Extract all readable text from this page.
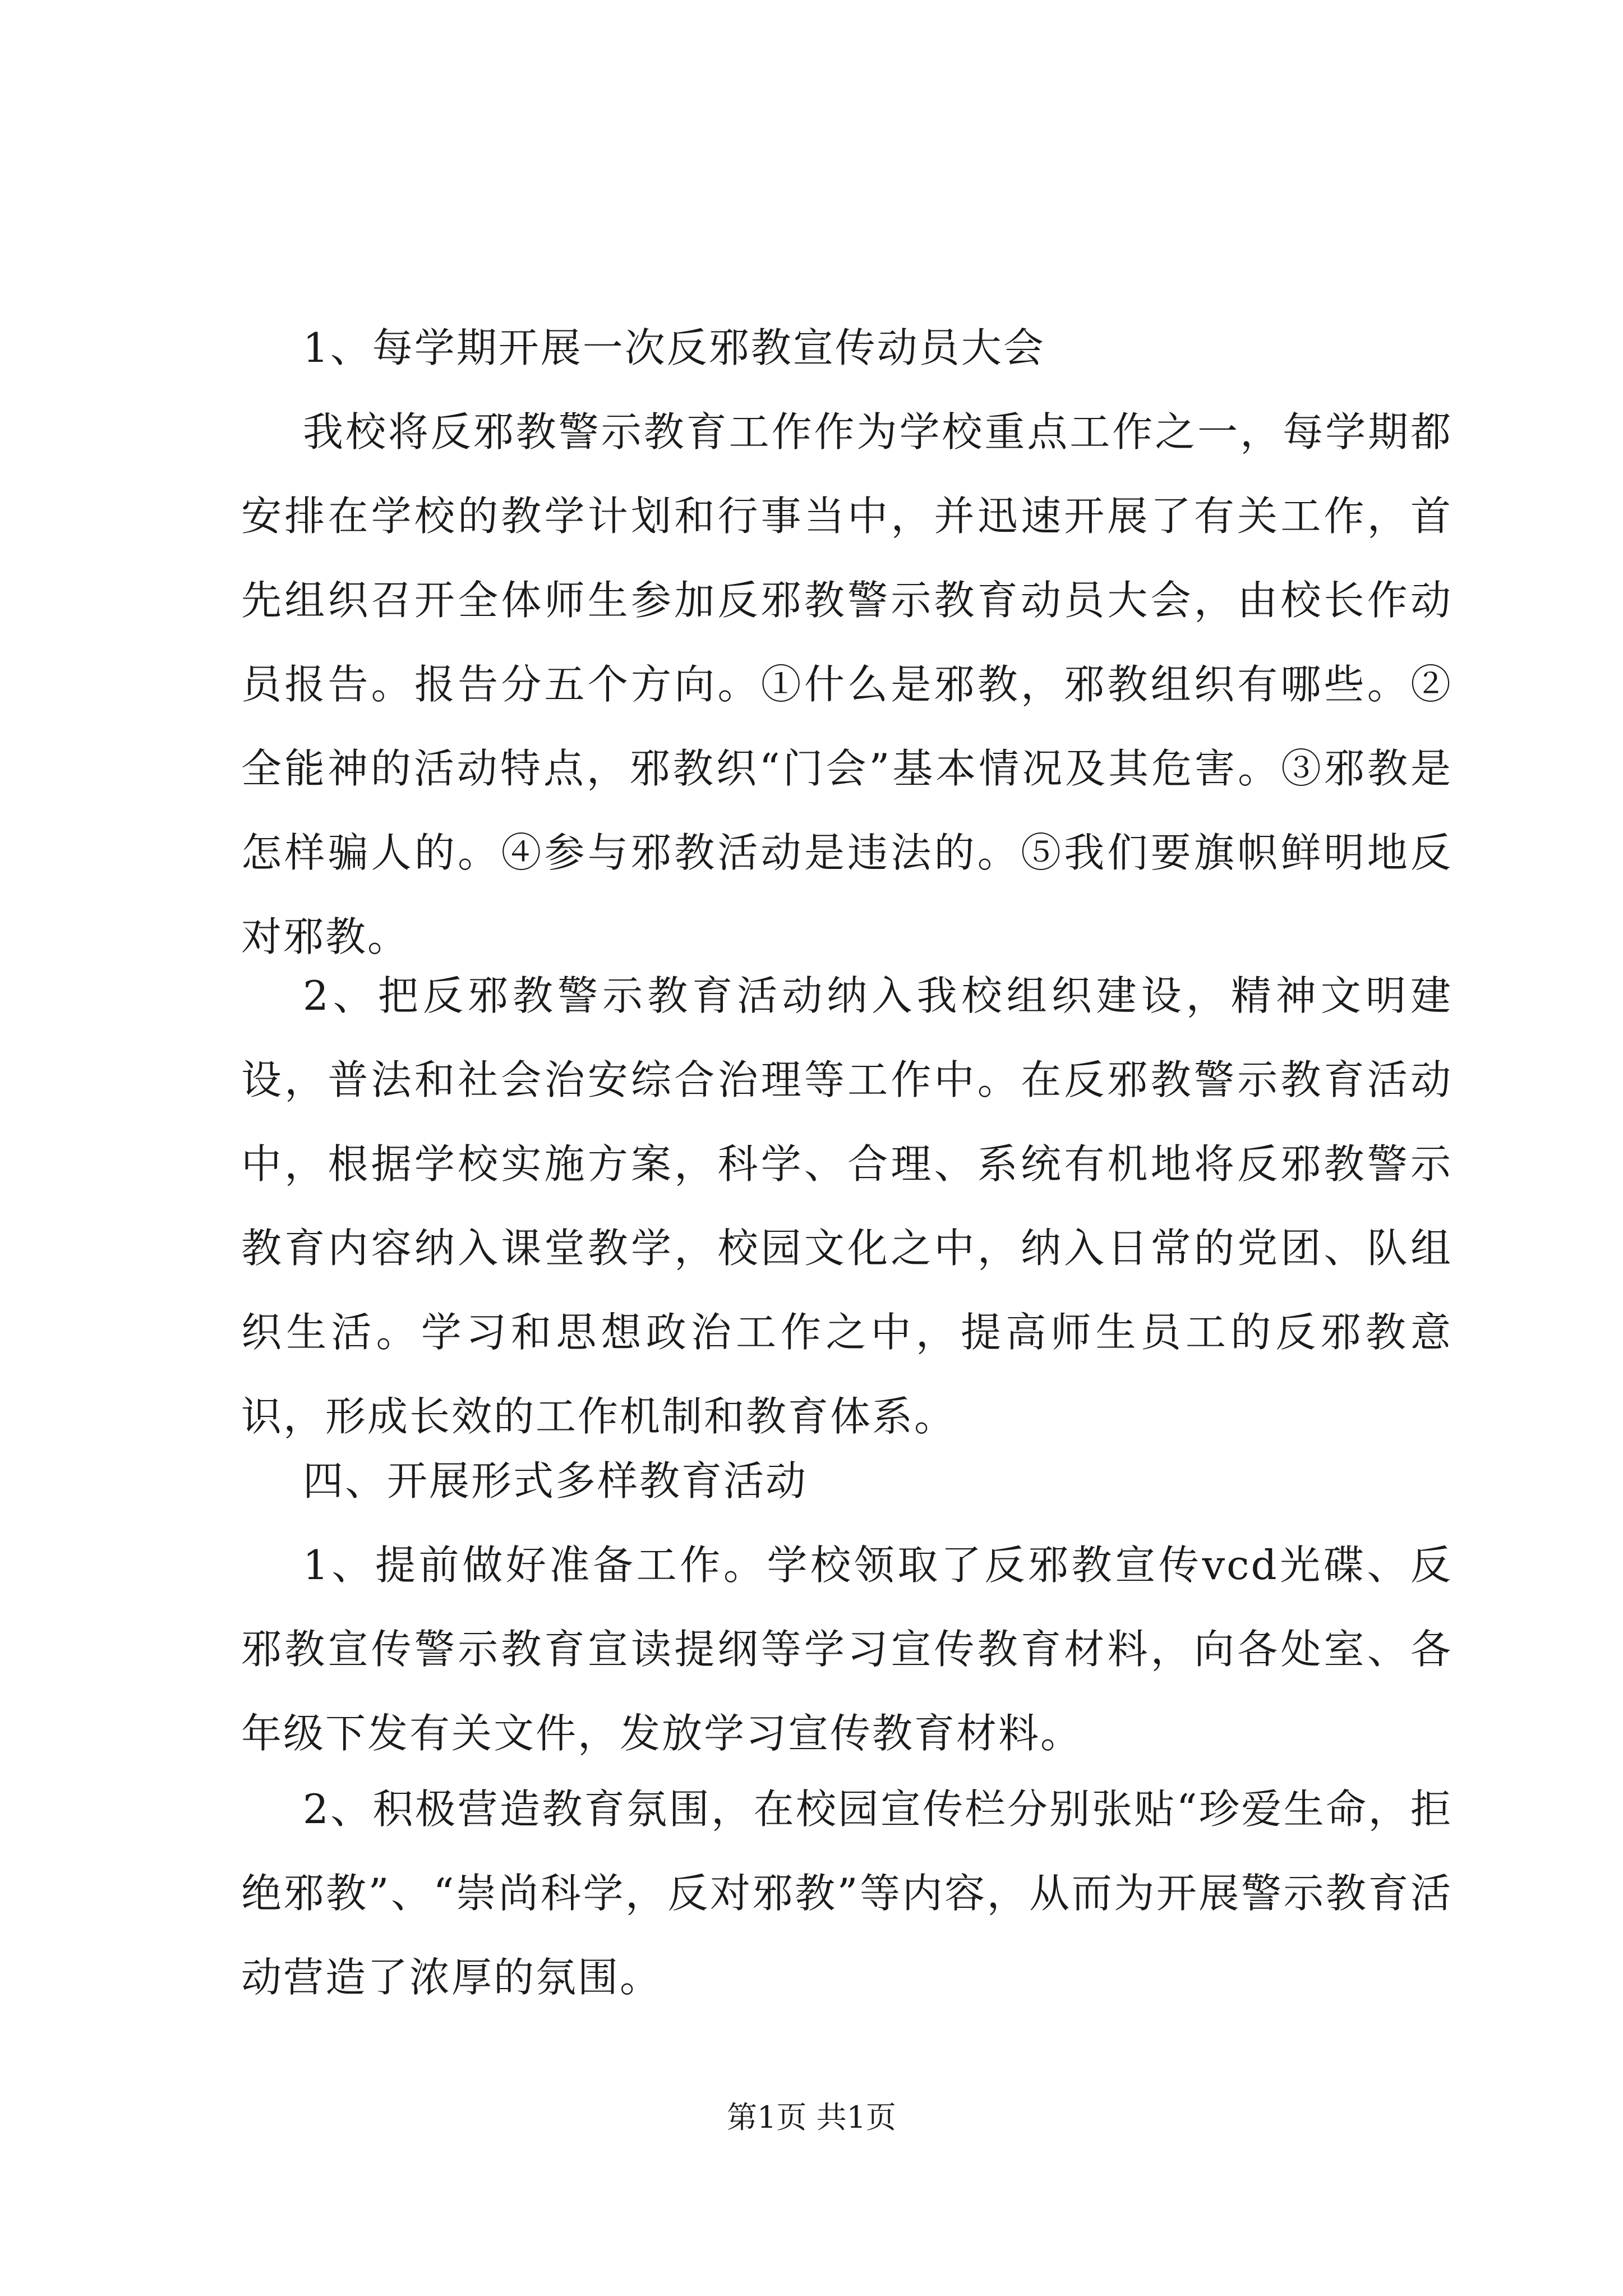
1、每学期开展一次反邪教宣传动员大会

我校将反邪教警示教育工作作为学校重点工作之一，每学期都安排在学校的教学计划和行事当中，并迅速开展了有关工作，首先组织召开全体师生参加反邪教警示教育动员大会，由校长作动员报告。报告分五个方向。①什么是邪教，邪教组织有哪些。②全能神的活动特点，邪教织“门会”基本情况及其危害。③邪教是怎样骗人的。④参与邪教活动是违法的。⑤我们要旗帜鲜明地反对邪教。

2、把反邪教警示教育活动纳入我校组织建设，精神文明建设，普法和社会治安综合治理等工作中。在反邪教警示教育活动中，根据学校实施方案，科学、合理、系统有机地将反邪教警示教育内容纳入课堂教学，校园文化之中，纳入日常的党团、队组织生活。学习和思想政治工作之中，提高师生员工的反邪教意识，形成长效的工作机制和教育体系。

四、开展形式多样教育活动

1、提前做好准备工作。学校领取了反邪教宣传vcd光碟、反邪教宣传警示教育宣读提纲等学习宣传教育材料，向各处室、各年级下发有关文件，发放学习宣传教育材料。

2、积极营造教育氛围，在校园宣传栏分别张贴“珍爱生命，拒绝邪教”、“崇尚科学，反对邪教”等内容，从而为开展警示教育活动营造了浓厚的氛围。

第1页 共1页
